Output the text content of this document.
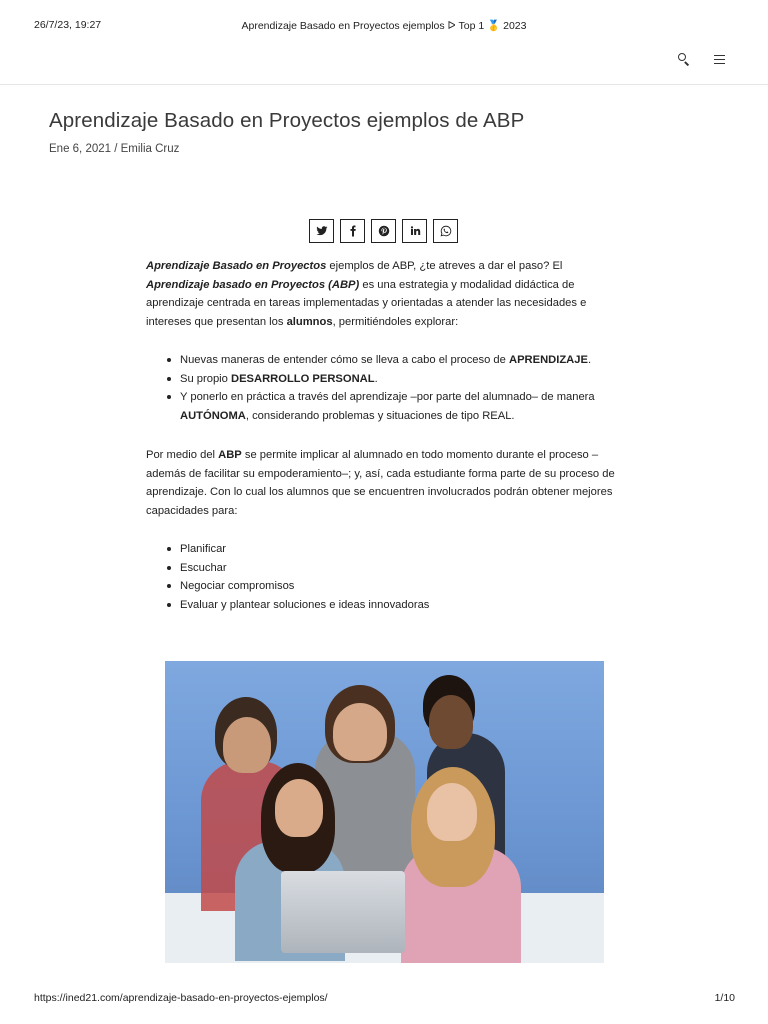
26/7/23, 19:27	Aprendizaje Basado en Proyectos ejemplos ᐅ Top 1 🥇 2023
Aprendizaje Basado en Proyectos ejemplos de ABP
Ene 6, 2021 / Emilia Cruz

Aprendizaje Basado en Proyectos ejemplos de ABP, ¿te atreves a dar el paso? El Aprendizaje basado en Proyectos (ABP) es una estrategia y modalidad didáctica de aprendizaje centrada en tareas implementadas y orientadas a atender las necesidades e intereses que presentan los alumnos, permitiéndoles explorar:

Nuevas maneras de entender cómo se lleva a cabo el proceso de APRENDIZAJE.
Su propio DESARROLLO PERSONAL.
Y ponerlo en práctica a través del aprendizaje –por parte del alumnado– de manera AUTÓNOMA, considerando problemas y situaciones de tipo REAL.

Por medio del ABP se permite implicar al alumnado en todo momento durante el proceso –además de facilitar su empoderamiento–; y, así, cada estudiante forma parte de su proceso de aprendizaje. Con lo cual los alumnos que se encuentren involucrados podrán obtener mejores capacidades para:

Planificar
Escuchar
Negociar compromisos
Evaluar y plantear soluciones e ideas innovadoras
https://ined21.com/aprendizaje-basado-en-proyectos-ejemplos/	1/10
